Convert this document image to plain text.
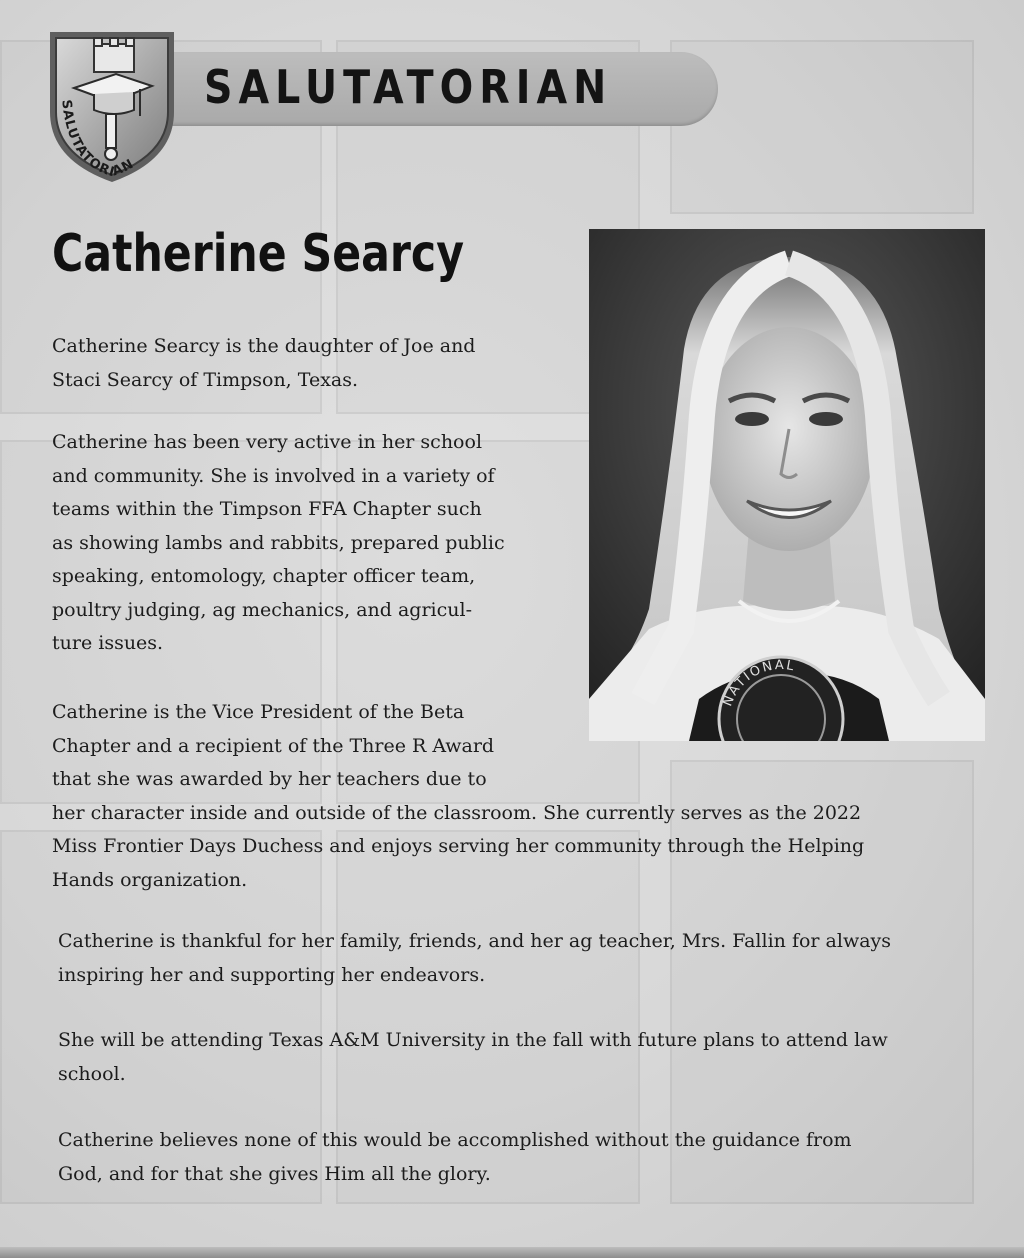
SALUTATORIAN
SALUTATORIAN
Catherine Searcy
NATIONAL

Catherine Searcy is the daughter of Joe and
Staci Searcy of Timpson, Texas.

Catherine has been very active in her school
and community. She is involved in a variety of
teams within the Timpson FFA Chapter such
as showing lambs and rabbits, prepared public
speaking, entomology, chapter officer team,
poultry judging, ag mechanics, and agricul-
ture issues.

Catherine is the Vice President of the Beta
Chapter and a recipient of the Three R Award
that she was awarded by her teachers due to
her character inside and outside of the classroom. She currently serves as the 2022
Miss Frontier Days Duchess and enjoys serving her community through the Helping
Hands organization.

Catherine is thankful for her family, friends, and her ag teacher, Mrs. Fallin for always
inspiring her and supporting her endeavors.

She will be attending Texas A&M University in the fall with future plans to attend law
school.

Catherine believes none of this would be accomplished without the guidance from
God, and for that she gives Him all the glory.
